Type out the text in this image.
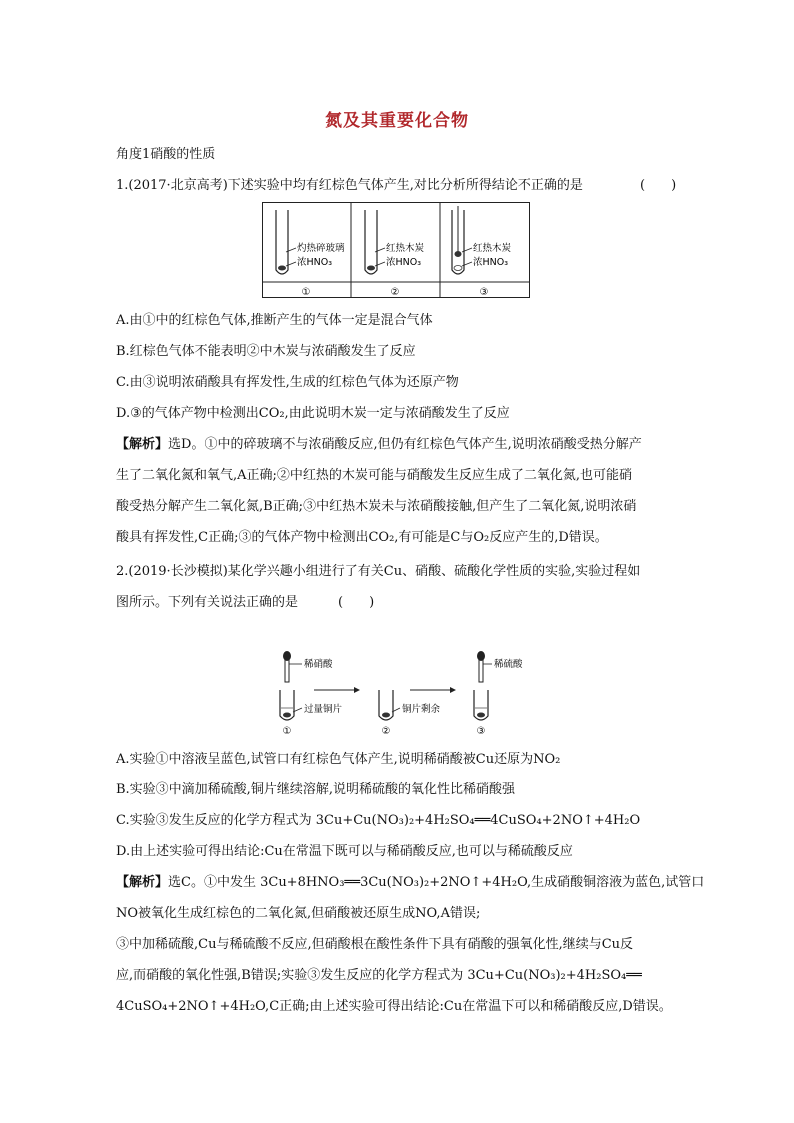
氮及其重要化合物
角度1硝酸的性质
1.(2017·北京高考)下述实验中均有红棕色气体产生,对比分析所得结论不正确的是	(　　)
灼热碎玻璃
浓HNO₃
①
红热木炭
浓HNO₃
②
红热木炭
浓HNO₃
③
A.由①中的红棕色气体,推断产生的气体一定是混合气体
B.红棕色气体不能表明②中木炭与浓硝酸发生了反应
C.由③说明浓硝酸具有挥发性,生成的红棕色气体为还原产物
D.③的气体产物中检测出CO₂,由此说明木炭一定与浓硝酸发生了反应
【解析】选D。①中的碎玻璃不与浓硝酸反应,但仍有红棕色气体产生,说明浓硝酸受热分解产
生了二氧化氮和氧气,A正确;②中红热的木炭可能与硝酸发生反应生成了二氧化氮,也可能硝
酸受热分解产生二氧化氮,B正确;③中红热木炭未与浓硝酸接触,但产生了二氧化氮,说明浓硝
酸具有挥发性,C正确;③的气体产物中检测出CO₂,有可能是C与O₂反应产生的,D错误。
2.(2019·长沙模拟)某化学兴趣小组进行了有关Cu、硝酸、硫酸化学性质的实验,实验过程如
图所示。下列有关说法正确的是	(　　)
稀硝酸
过量铜片
①
铜片剩余
②
稀硫酸
③
A.实验①中溶液呈蓝色,试管口有红棕色气体产生,说明稀硝酸被Cu还原为NO₂
B.实验③中滴加稀硫酸,铜片继续溶解,说明稀硫酸的氧化性比稀硝酸强
C.实验③发生反应的化学方程式为 3Cu+Cu(NO₃)₂+4H₂SO₄══4CuSO₄+2NO↑+4H₂O
D.由上述实验可得出结论:Cu在常温下既可以与稀硝酸反应,也可以与稀硫酸反应
【解析】选C。①中发生 3Cu+8HNO₃══3Cu(NO₃)₂+2NO↑+4H₂O,生成硝酸铜溶液为蓝色,试管口
NO被氧化生成红棕色的二氧化氮,但硝酸被还原生成NO,A错误;
③中加稀硫酸,Cu与稀硫酸不反应,但硝酸根在酸性条件下具有硝酸的强氧化性,继续与Cu反
应,而硝酸的氧化性强,B错误;实验③发生反应的化学方程式为 3Cu+Cu(NO₃)₂+4H₂SO₄══
4CuSO₄+2NO↑+4H₂O,C正确;由上述实验可得出结论:Cu在常温下可以和稀硝酸反应,D错误。
